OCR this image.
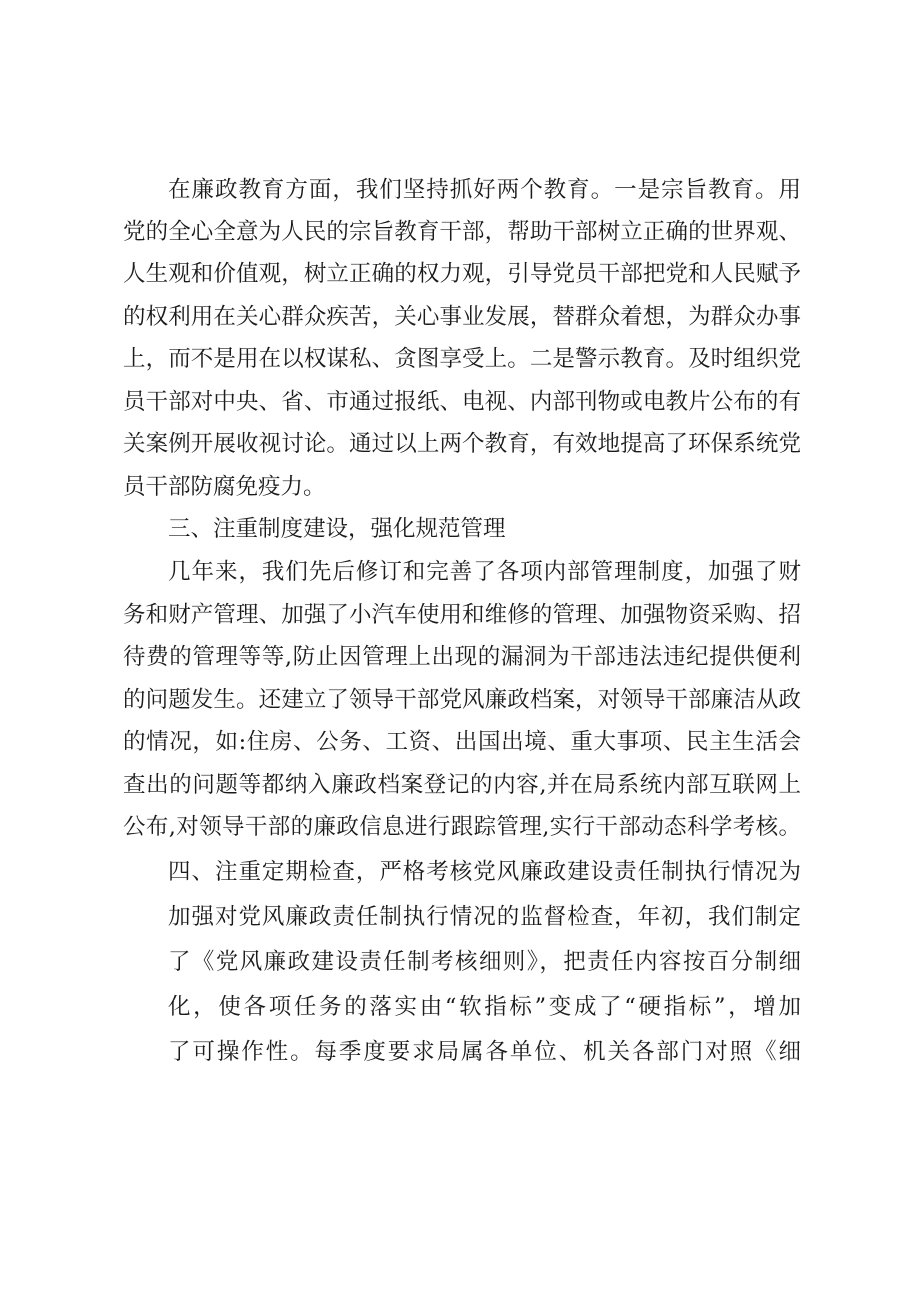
在廉政教育方面，我们坚持抓好两个教育。一是宗旨教育。用
党的全心全意为人民的宗旨教育干部，帮助干部树立正确的世界观、
人生观和价值观，树立正确的权力观，引导党员干部把党和人民赋予
的权利用在关心群众疾苦，关心事业发展，替群众着想，为群众办事
上，而不是用在以权谋私、贪图享受上。二是警示教育。及时组织党
员干部对中央、省、市通过报纸、电视、内部刊物或电教片公布的有
关案例开展收视讨论。通过以上两个教育，有效地提高了环保系统党
员干部防腐免疫力。
三、注重制度建设，强化规范管理
几年来，我们先后修订和完善了各项内部管理制度，加强了财
务和财产管理、加强了小汽车使用和维修的管理、加强物资采购、招
待费的管理等等,防止因管理上出现的漏洞为干部违法违纪提供便利
的问题发生。还建立了领导干部党风廉政档案，对领导干部廉洁从政
的情况，如:住房、公务、工资、出国出境、重大事项、民主生活会
查出的问题等都纳入廉政档案登记的内容,并在局系统内部互联网上
公布,对领导干部的廉政信息进行跟踪管理,实行干部动态科学考核。
四、注重定期检查，严格考核党风廉政建设责任制执行情况为
加强对党风廉政责任制执行情况的监督检查，年初，我们制定
了《党风廉政建设责任制考核细则》，把责任内容按百分制细
化，使各项任务的落实由“软指标”变成了“硬指标”，增加
了可操作性。每季度要求局属各单位、机关各部门对照《细
